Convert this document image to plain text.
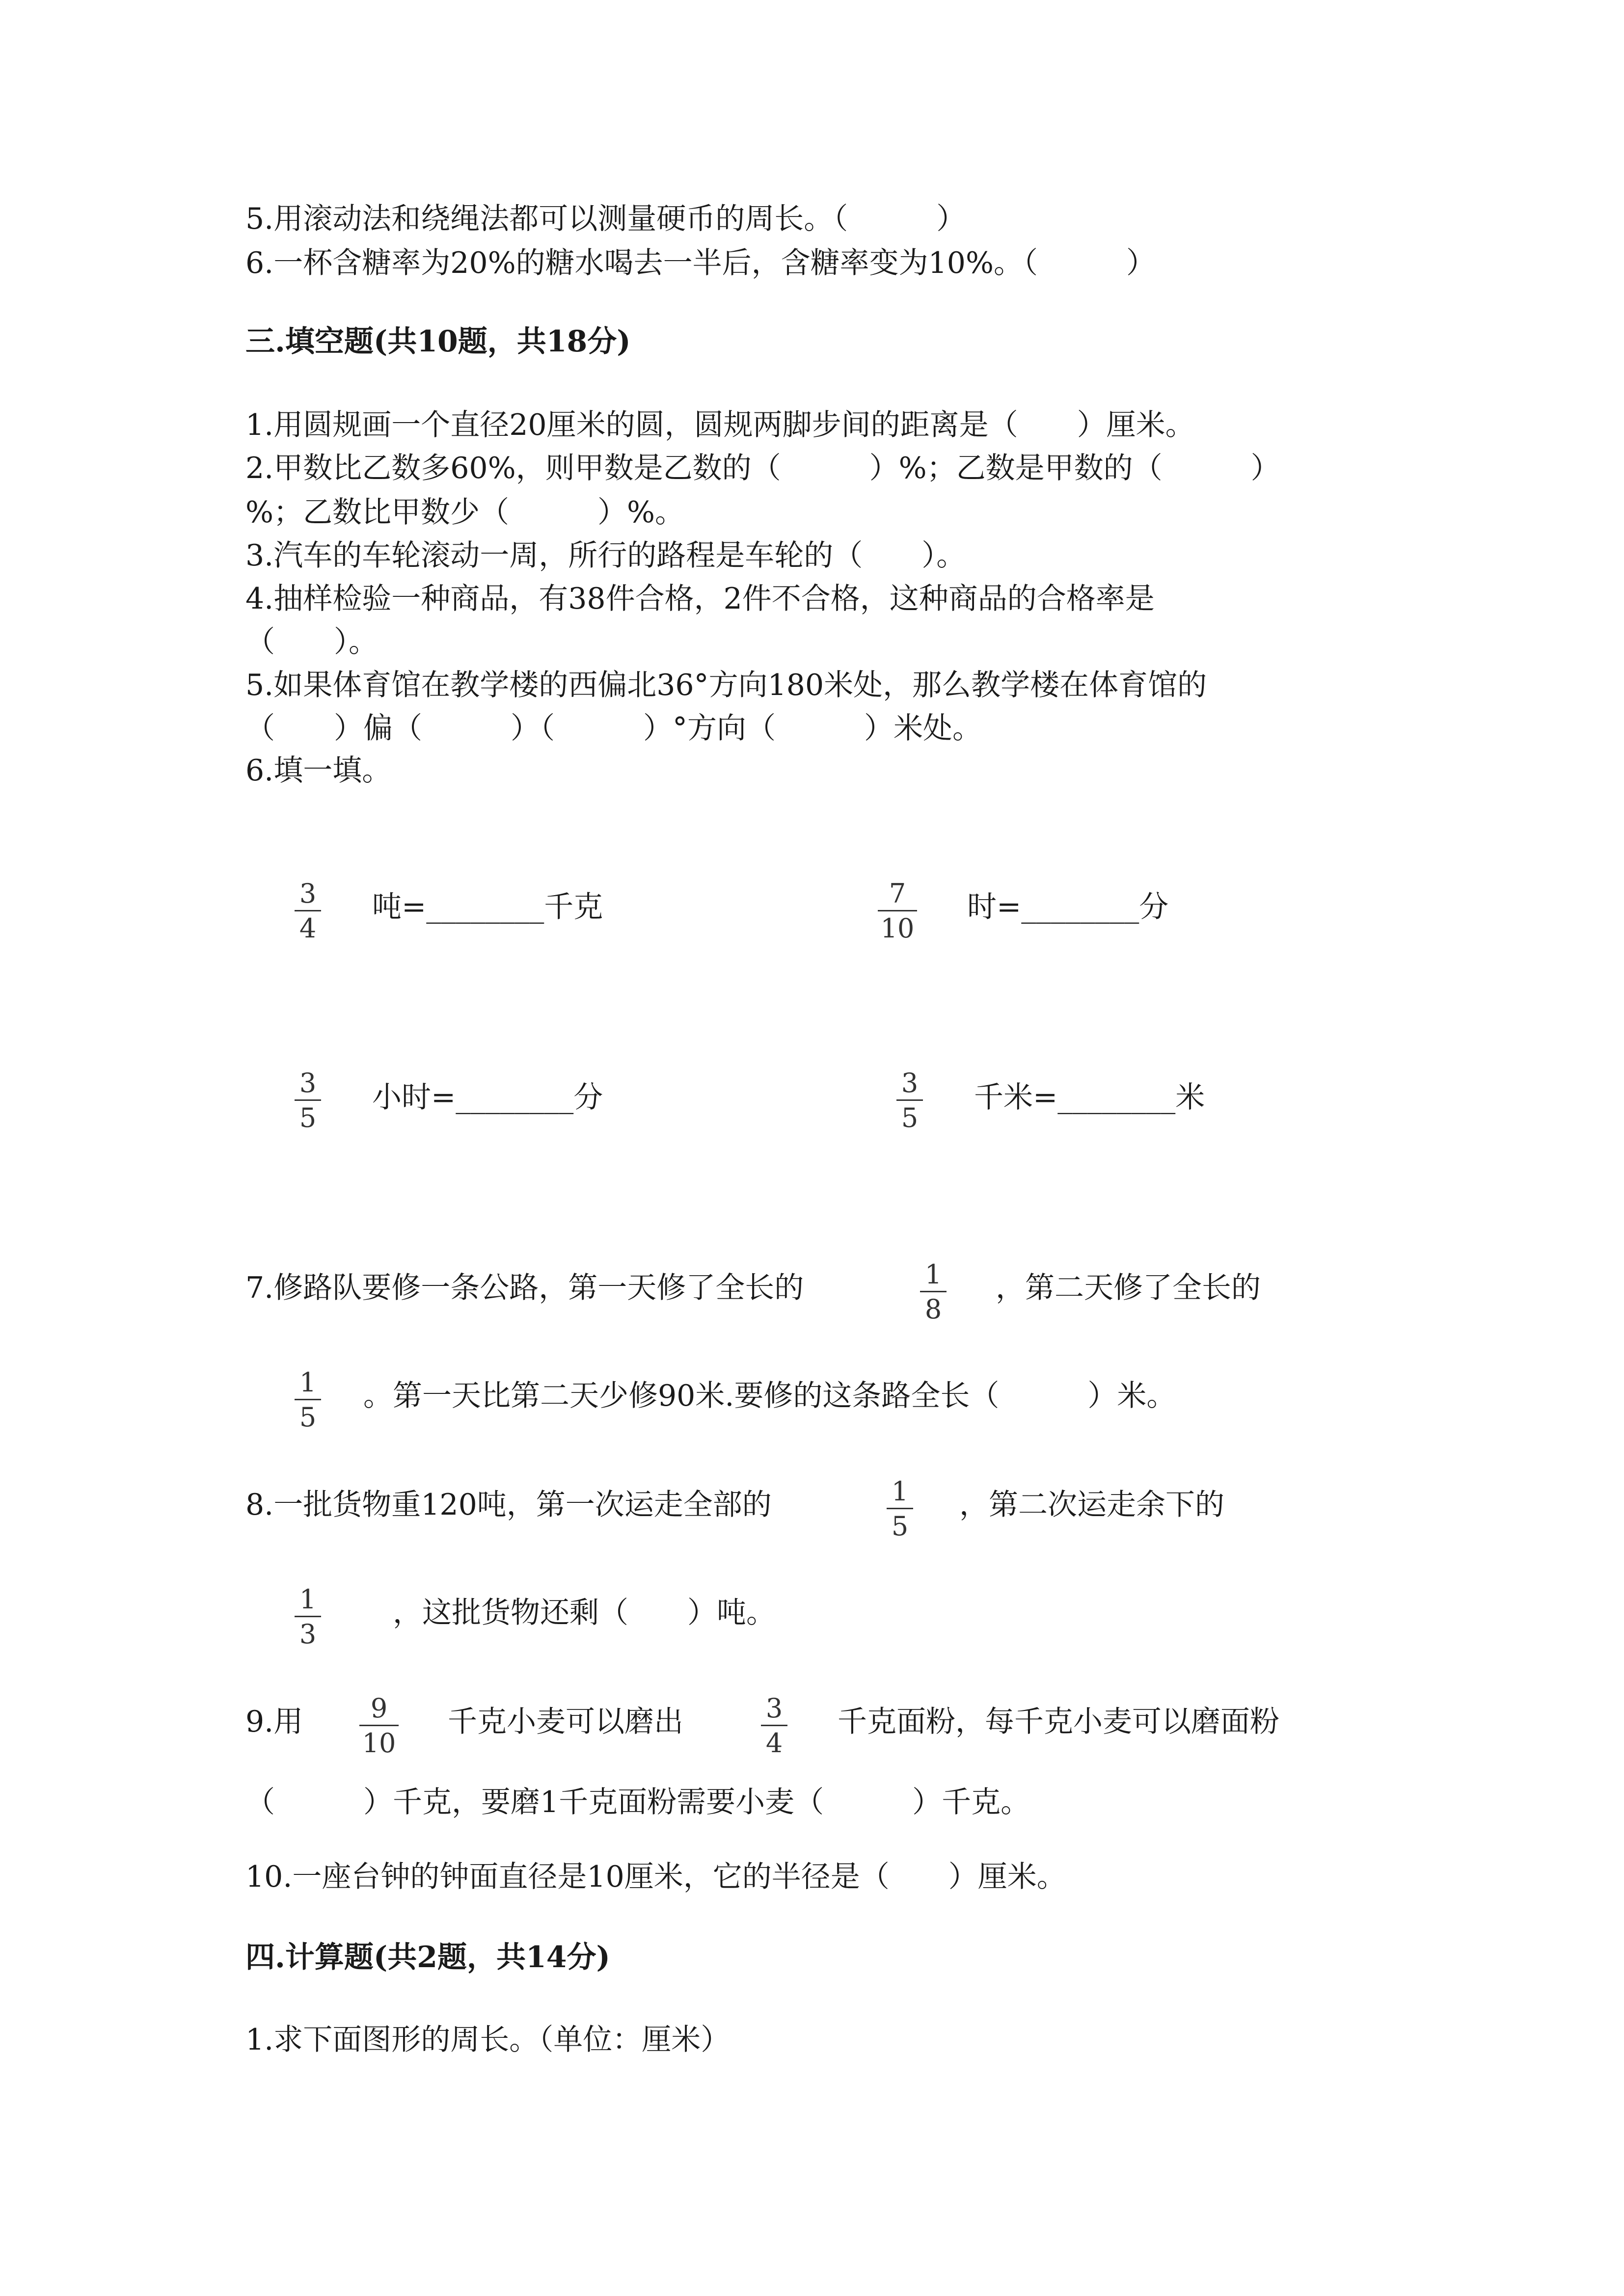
5.用滚动法和绕绳法都可以测量硬币的周长。（　　　）
6.一杯含糖率为20%的糖水喝去一半后，含糖率变为10%。（　　　）
三.填空题(共10题，共18分)
1.用圆规画一个直径20厘米的圆，圆规两脚步间的距离是（　　）厘米。
2.甲数比乙数多60%，则甲数是乙数的（　　　）%；乙数是甲数的（　　　）
%；乙数比甲数少（　　　）%。
3.汽车的车轮滚动一周，所行的路程是车轮的（　　）。
4.抽样检验一种商品，有38件合格，2件不合格，这种商品的合格率是
（　　）。
5.如果体育馆在教学楼的西偏北36°方向180米处，那么教学楼在体育馆的
（　　）偏（　　　）（　　　）°方向（　　　）米处。
6.填一填。
3
4
吨=________千克	7
10
时=________分
3
5
小时=________分	3
5
千米=________米
7.修路队要修一条公路，第一天修了全长的	1
8
，第二天修了全长的
1
5
。第一天比第二天少修90米.要修的这条路全长（　　　）米。
8.一批货物重120吨，第一次运走全部的	1
5
，第二次运走余下的
1
3
，这批货物还剩（　　）吨。
9.用	9
10
千克小麦可以磨出	3
4
千克面粉，每千克小麦可以磨面粉
（　　　）千克，要磨1千克面粉需要小麦（　　　）千克。
10.一座台钟的钟面直径是10厘米，它的半径是（　　）厘米。
四.计算题(共2题，共14分)
1.求下面图形的周长。（单位：厘米）
